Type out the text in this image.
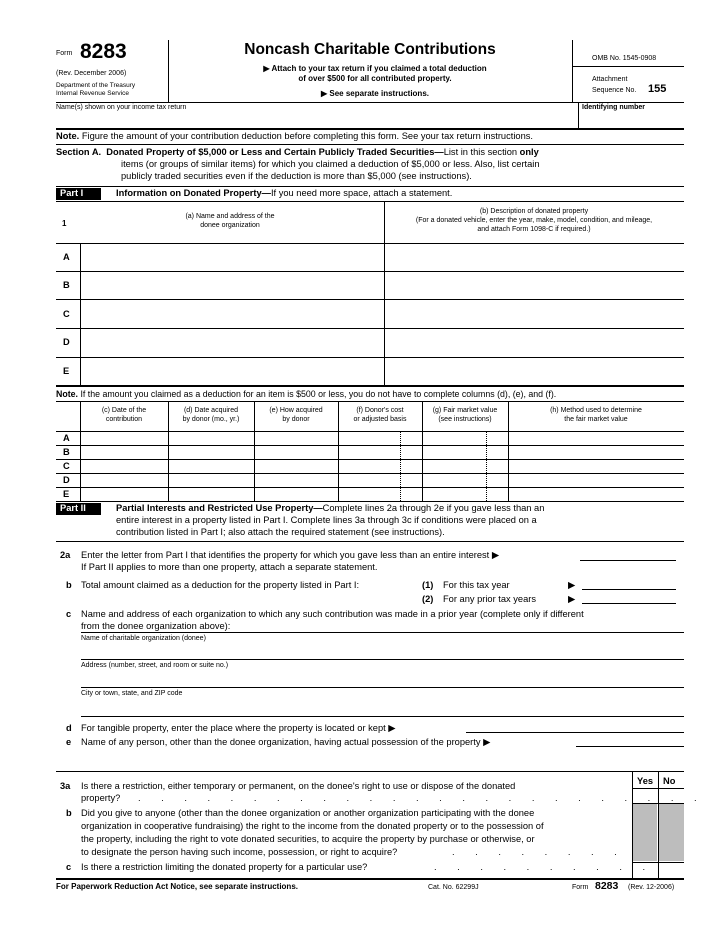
Form 8283
(Rev. December 2006)
Department of the Treasury
Internal Revenue Service
Noncash Charitable Contributions
▶ Attach to your tax return if you claimed a total deduction
of over $500 for all contributed property.
▶ See separate instructions.
OMB No. 1545-0908
Attachment
Sequence No. 155
Name(s) shown on your income tax return	Identifying number
Note. Figure the amount of your contribution deduction before completing this form. See your tax return instructions.
Section A. Donated Property of $5,000 or Less and Certain Publicly Traded Securities—List in this section only
items (or groups of similar items) for which you claimed a deduction of $5,000 or less. Also, list certain
publicly traded securities even if the deduction is more than $5,000 (see instructions).
Part I	Information on Donated Property—If you need more space, attach a statement.
1
(a) Name and address of the
donee organization
(b) Description of donated property
(For a donated vehicle, enter the year, make, model, condition, and mileage,
and attach Form 1098-C if required.)
A
B
C
D
E
Note. If the amount you claimed as a deduction for an item is $500 or less, you do not have to complete columns (d), (e), and (f).
(c) Date of the
contribution
(d) Date acquired
by donor (mo., yr.)
(e) How acquired
by donor
(f) Donor's cost
or adjusted basis
(g) Fair market value
(see instructions)
(h) Method used to determine
the fair market value
A
B
C
D
E
Part II	Partial Interests and Restricted Use Property—Complete lines 2a through 2e if you gave less than an
entire interest in a property listed in Part I. Complete lines 3a through 3c if conditions were placed on a
contribution listed in Part I; also attach the required statement (see instructions).
2a Enter the letter from Part I that identifies the property for which you gave less than an entire interest ▶
If Part II applies to more than one property, attach a separate statement.
b Total amount claimed as a deduction for the property listed in Part I:	(1) For this tax year	▶
(2) For any prior tax years	▶
c Name and address of each organization to which any such contribution was made in a prior year (complete only if different
from the donee organization above):
Name of charitable organization (donee)
Address (number, street, and room or suite no.)
City or town, state, and ZIP code
d For tangible property, enter the place where the property is located or kept ▶
e Name of any person, other than the donee organization, having actual possession of the property ▶
Yes No
3a Is there a restriction, either temporary or permanent, on the donee's right to use or dispose of the donated
property? . . . . . . . . . . . . . . . . . . . . . . . . .
b Did you give to anyone (other than the donee organization or another organization participating with the donee
organization in cooperative fundraising) the right to the income from the donated property or to the possession of
the property, including the right to vote donated securities, to acquire the property by purchase or otherwise, or
to designate the person having such income, possession, or right to acquire?	. . . . . . . .
c Is there a restriction limiting the donated property for a particular use?	. . . . . . . . . .
For Paperwork Reduction Act Notice, see separate instructions.	Cat. No. 62299J	Form 8283 (Rev. 12-2006)
